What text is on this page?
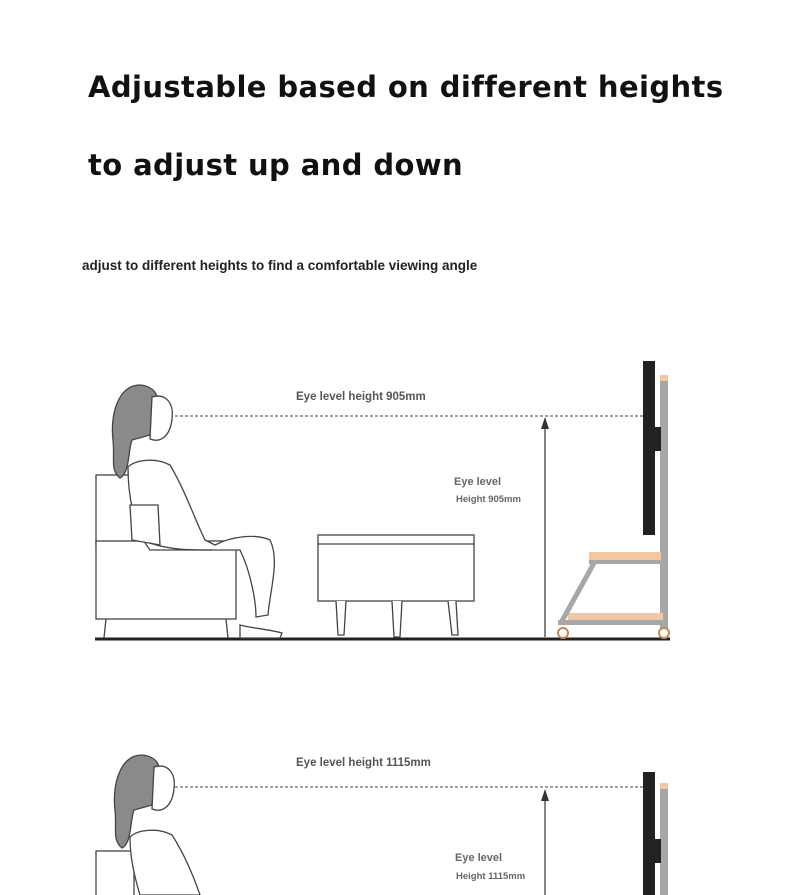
Adjustable based on different heights
to adjust up and down

adjust to different heights to find a comfortable viewing angle

Eye level height 905mm

Eye level

Height 905mm

Eye level height 1115mm

Eye level

Height 1115mm
